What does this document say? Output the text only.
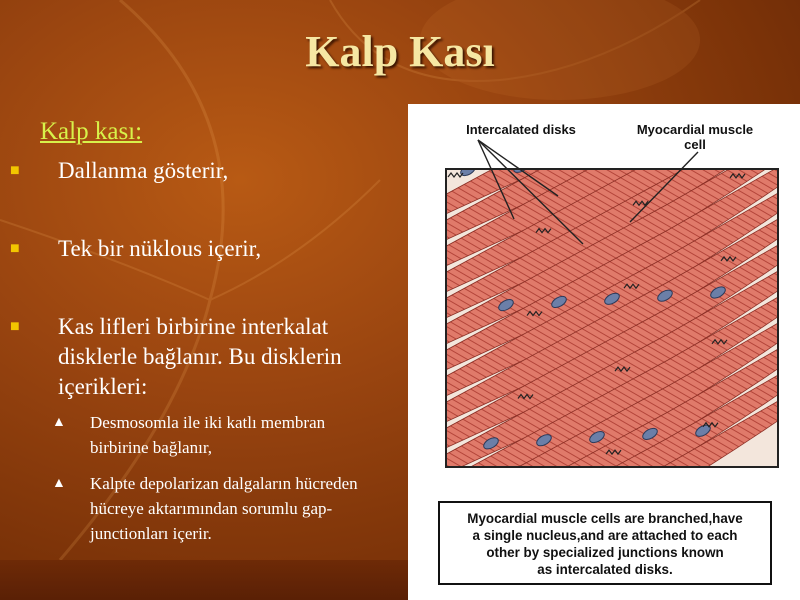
Kalp Kası
Kalp kası:
■ Dallanma gösterir,
■ Tek bir nüklous içerir,
■ Kas lifleri birbirine interkalat disklerle bağlanır. Bu disklerin içerikleri:
▲ Desmosomla ile iki katlı membran birbirine bağlanır,
▲ Kalpte depolarizan dalgaların hücreden hücreye aktarımından sorumlu gap-junctionları içerir.
Intercalated disks	Myocardial muscle
cell
Myocardial muscle cells are branched,have
a single nucleus,and are attached to each
other by specialized junctions known
as intercalated disks.
